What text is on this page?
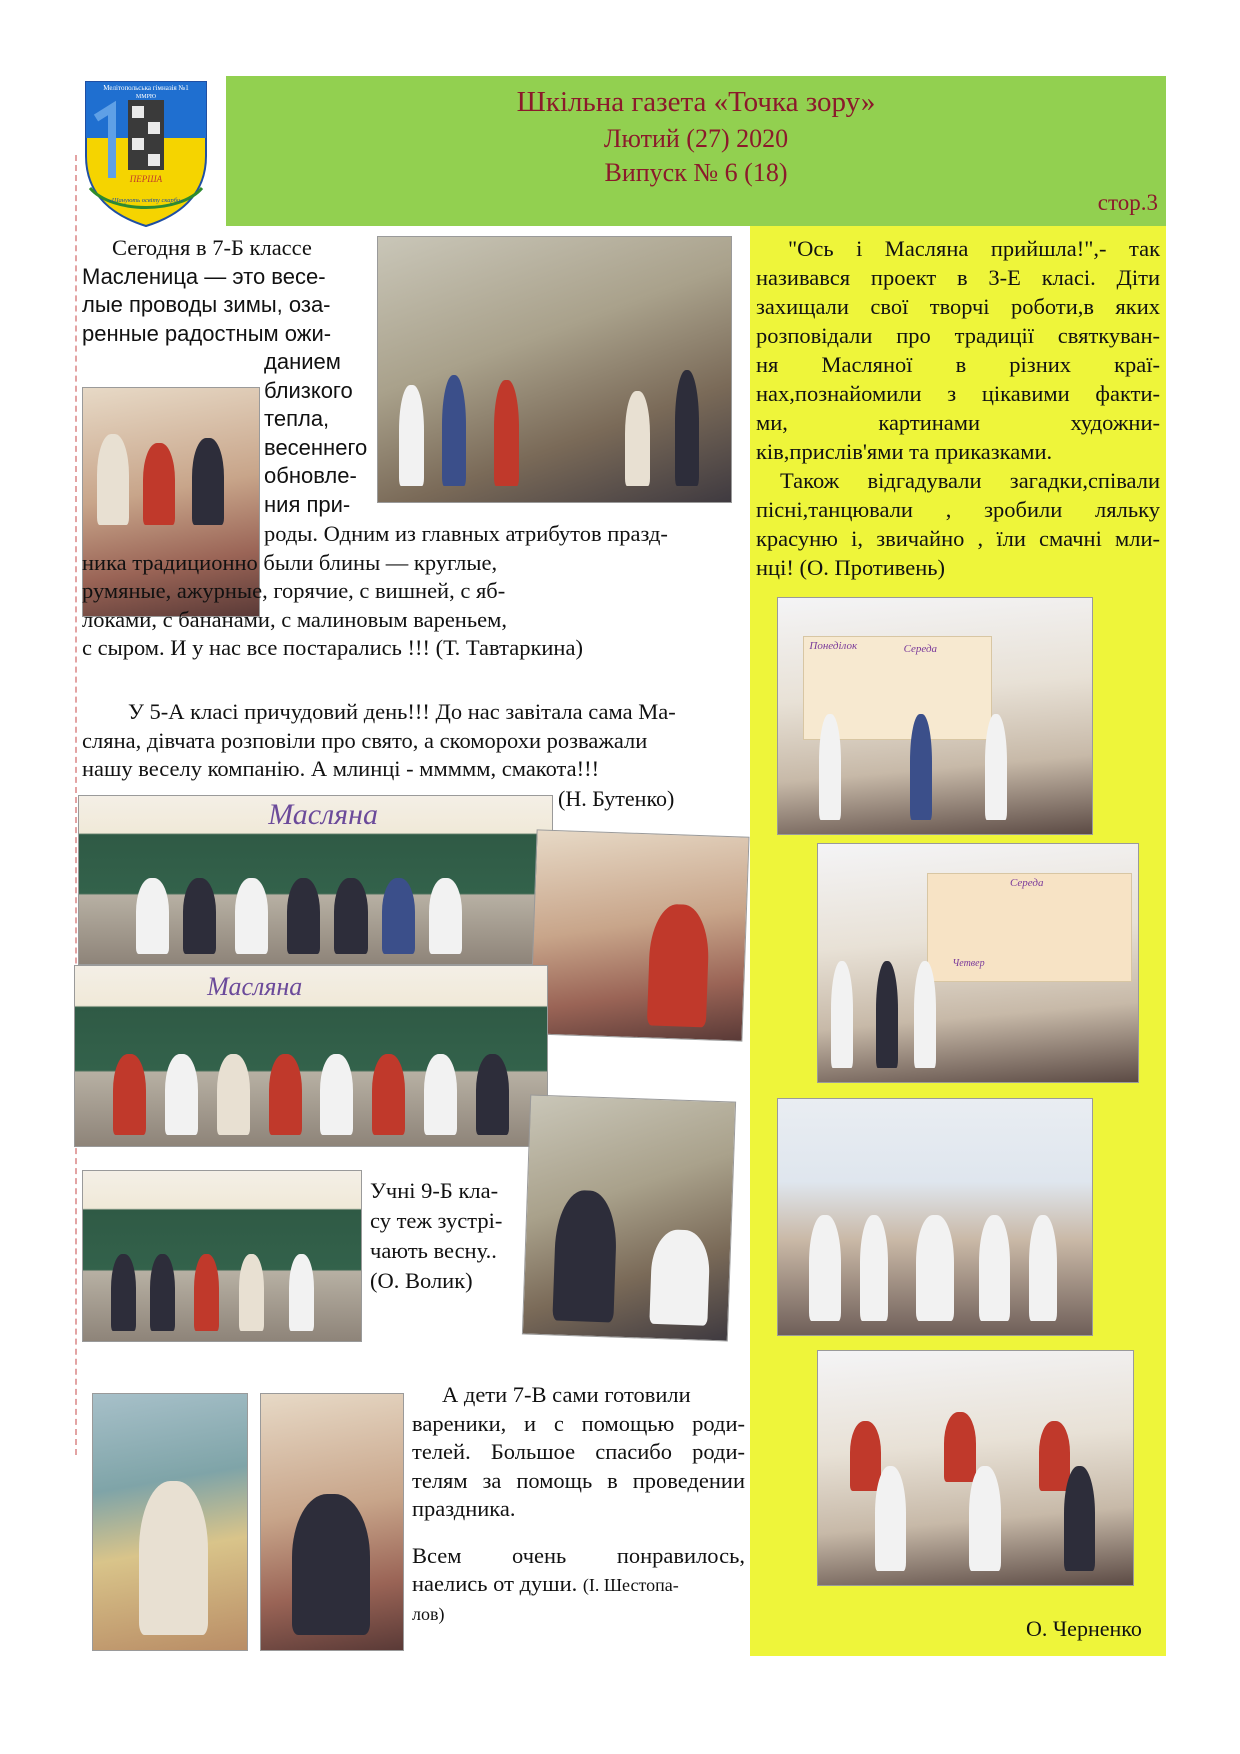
Мелітопольська гімназія №1
ММРЮ
ПЕРША
«Шанують освіту скарби»
Шкільна газета «Точка зору»
Лютий (27) 2020
Випуск № 6 (18)
стор.3
Сегодня в 7-Б классе
Масленица — это весе-
лые проводы зимы, оза-
ренные радостным ожи-
данием
близкого
тепла,
весеннего
обновле-
ния при-
роды. Одним из главных атрибутов празд-
ника традиционно были блины — круглые,
румяные, ажурные, горячие, с вишней, с яб-
локами, с бананами, с малиновым вареньем,
с сыром. И у нас все постарались !!! (Т. Тавтаркина)
У 5-А класі причудовий день!!! До нас завітала сама Ма-
сляна, дівчата розповіли про свято, а скоморохи розважали
нашу веселу компанію. А млинці - ммммм, смакота!!!
(Н. Бутенко)
Масляна
Масляна
Учні 9-Б кла-
су теж зустрі-
чають весну..
(О. Волик)
А дети 7-В сами готовили
вареники, и с помощью роди-
телей. Большое спасибо роди-
телям за помощь в проведении
праздника.
Всем очень понравилось,
наелись от души. (І. Шестопа-
лов)
"Ось і Масляна прийшла!",- так
називався проект в 3-Е класі. Діти
захищали свої творчі роботи,в яких
розповідали про традиції святкуван-
ня Масляної в різних краї-
нах,познайомили з цікавими факти-
ми, картинами художни-
ків,прислів'ями та приказками.
Також відгадували загадки,співали
пісні,танцювали , зробили ляльку
красуню і, звичайно , їли смачні мли-
нці! (О. Противень)
Понеділок	Середа
Середа
Четвер
О. Черненко
